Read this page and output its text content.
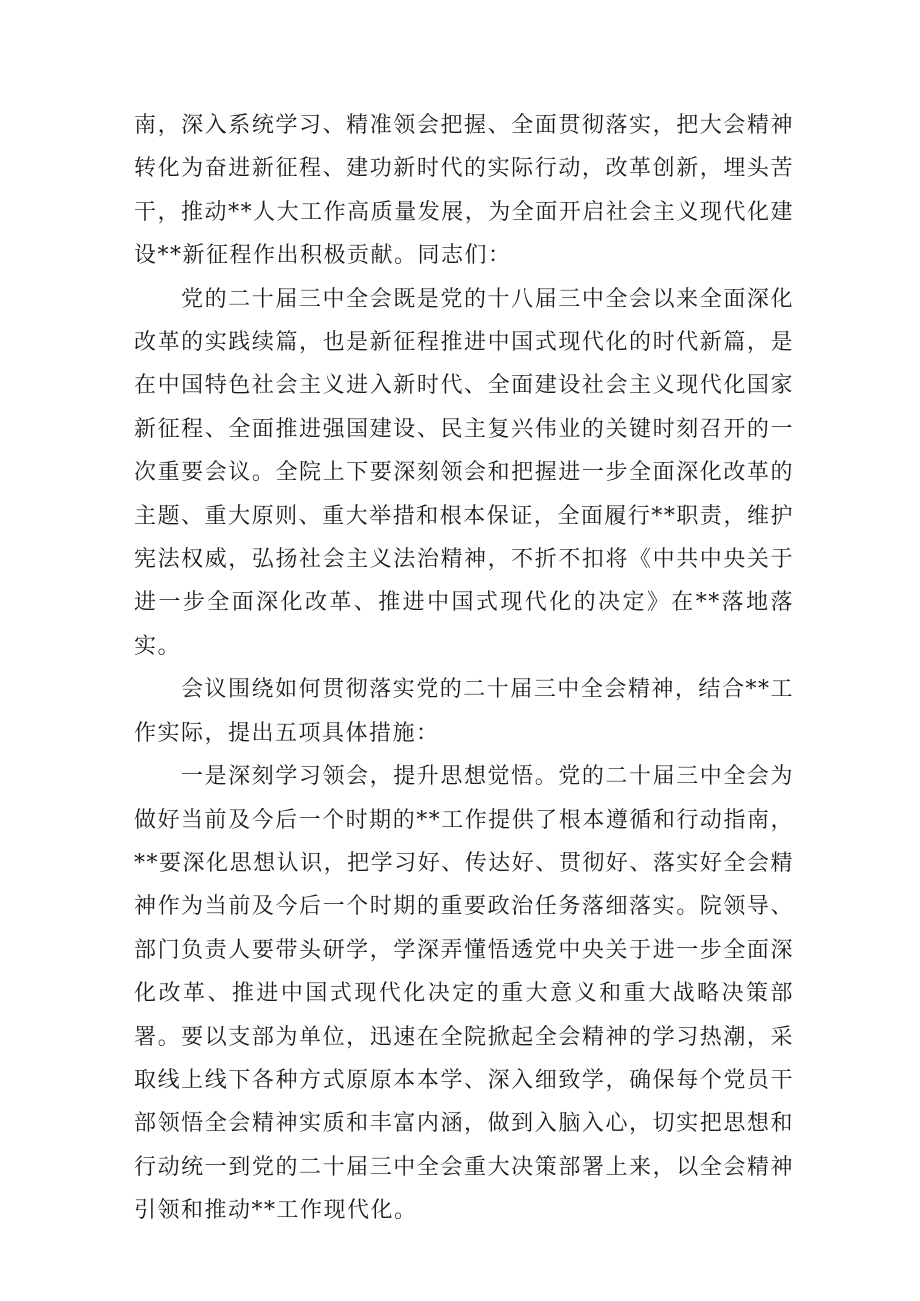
南，深入系统学习、精准领会把握、全面贯彻落实，把大会精神转化为奋进新征程、建功新时代的实际行动，改革创新，埋头苦干，推动**人大工作高质量发展，为全面开启社会主义现代化建设**新征程作出积极贡献。同志们：

党的二十届三中全会既是党的十八届三中全会以来全面深化改革的实践续篇，也是新征程推进中国式现代化的时代新篇，是在中国特色社会主义进入新时代、全面建设社会主义现代化国家新征程、全面推进强国建设、民主复兴伟业的关键时刻召开的一次重要会议。全院上下要深刻领会和把握进一步全面深化改革的主题、重大原则、重大举措和根本保证，全面履行**职责，维护宪法权威，弘扬社会主义法治精神，不折不扣将《中共中央关于进一步全面深化改革、推进中国式现代化的决定》在**落地落实。

会议围绕如何贯彻落实党的二十届三中全会精神，结合**工作实际，提出五项具体措施：

一是深刻学习领会，提升思想觉悟。党的二十届三中全会为做好当前及今后一个时期的**工作提供了根本遵循和行动指南，**要深化思想认识，把学习好、传达好、贯彻好、落实好全会精神作为当前及今后一个时期的重要政治任务落细落实。院领导、部门负责人要带头研学，学深弄懂悟透党中央关于进一步全面深化改革、推进中国式现代化决定的重大意义和重大战略决策部署。要以支部为单位，迅速在全院掀起全会精神的学习热潮，采取线上线下各种方式原原本本学、深入细致学，确保每个党员干部领悟全会精神实质和丰富内涵，做到入脑入心，切实把思想和行动统一到党的二十届三中全会重大决策部署上来，以全会精神引领和推动**工作现代化。
